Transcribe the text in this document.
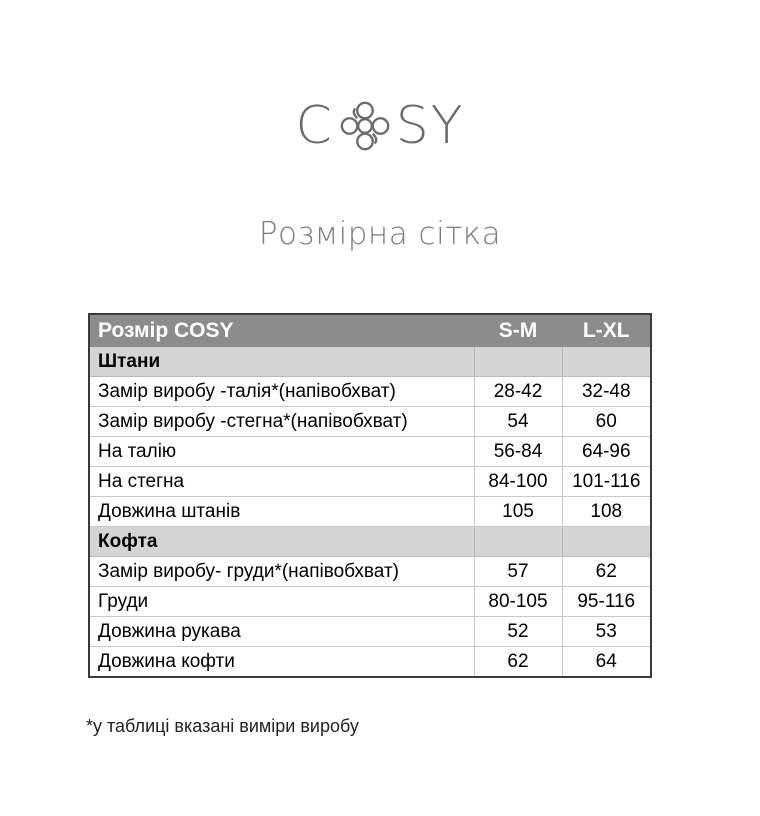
C SY
Розмірна сітка
Розмір COSY	S-M	L-XL
Штани		
Замір виробу -талія*(напівобхват)	28-42	32-48
Замір виробу -стегна*(напівобхват)	54	60
На талію	56-84	64-96
На стегна	84-100	101-116
Довжина штанів	105	108
Кофта		
Замір виробу- груди*(напівобхват)	57	62
Груди	80-105	95-116
Довжина рукава	52	53
Довжина кофти	62	64
*у таблиці вказані виміри виробу
